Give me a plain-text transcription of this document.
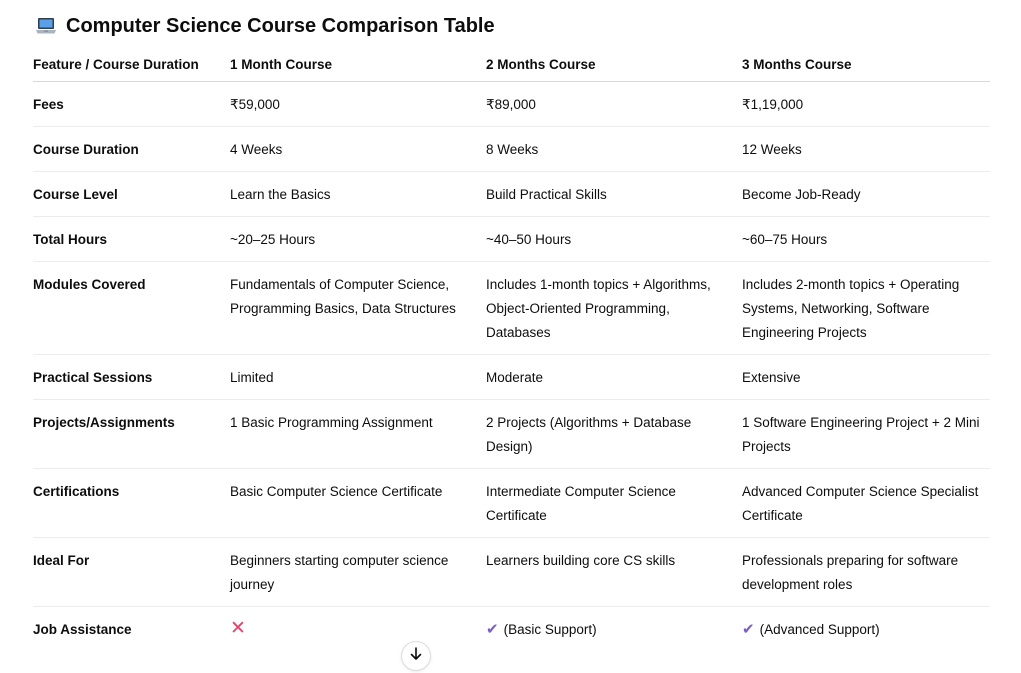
Computer Science Course Comparison Table
Feature / Course Duration	1 Month Course	2 Months Course	3 Months Course
Fees	₹59,000	₹89,000	₹1,19,000
Course Duration	4 Weeks	8 Weeks	12 Weeks
Course Level	Learn the Basics	Build Practical Skills	Become Job-Ready
Total Hours	~20–25 Hours	~40–50 Hours	~60–75 Hours
Modules Covered	Fundamentals of Computer Science, Programming Basics, Data Structures	Includes 1-month topics + Algorithms, Object-Oriented Programming, Databases	Includes 2-month topics + Operating Systems, Networking, Software Engineering Projects
Practical Sessions	Limited	Moderate	Extensive
Projects/Assignments	1 Basic Programming Assignment	2 Projects (Algorithms + Database Design)	1 Software Engineering Project + 2 Mini Projects
Certifications	Basic Computer Science Certificate	Intermediate Computer Science Certificate	Advanced Computer Science Specialist Certificate
Ideal For	Beginners starting computer science journey	Learners building core CS skills	Professionals preparing for software development roles
Job Assistance	✕	✔ (Basic Support)	✔ (Advanced Support)
